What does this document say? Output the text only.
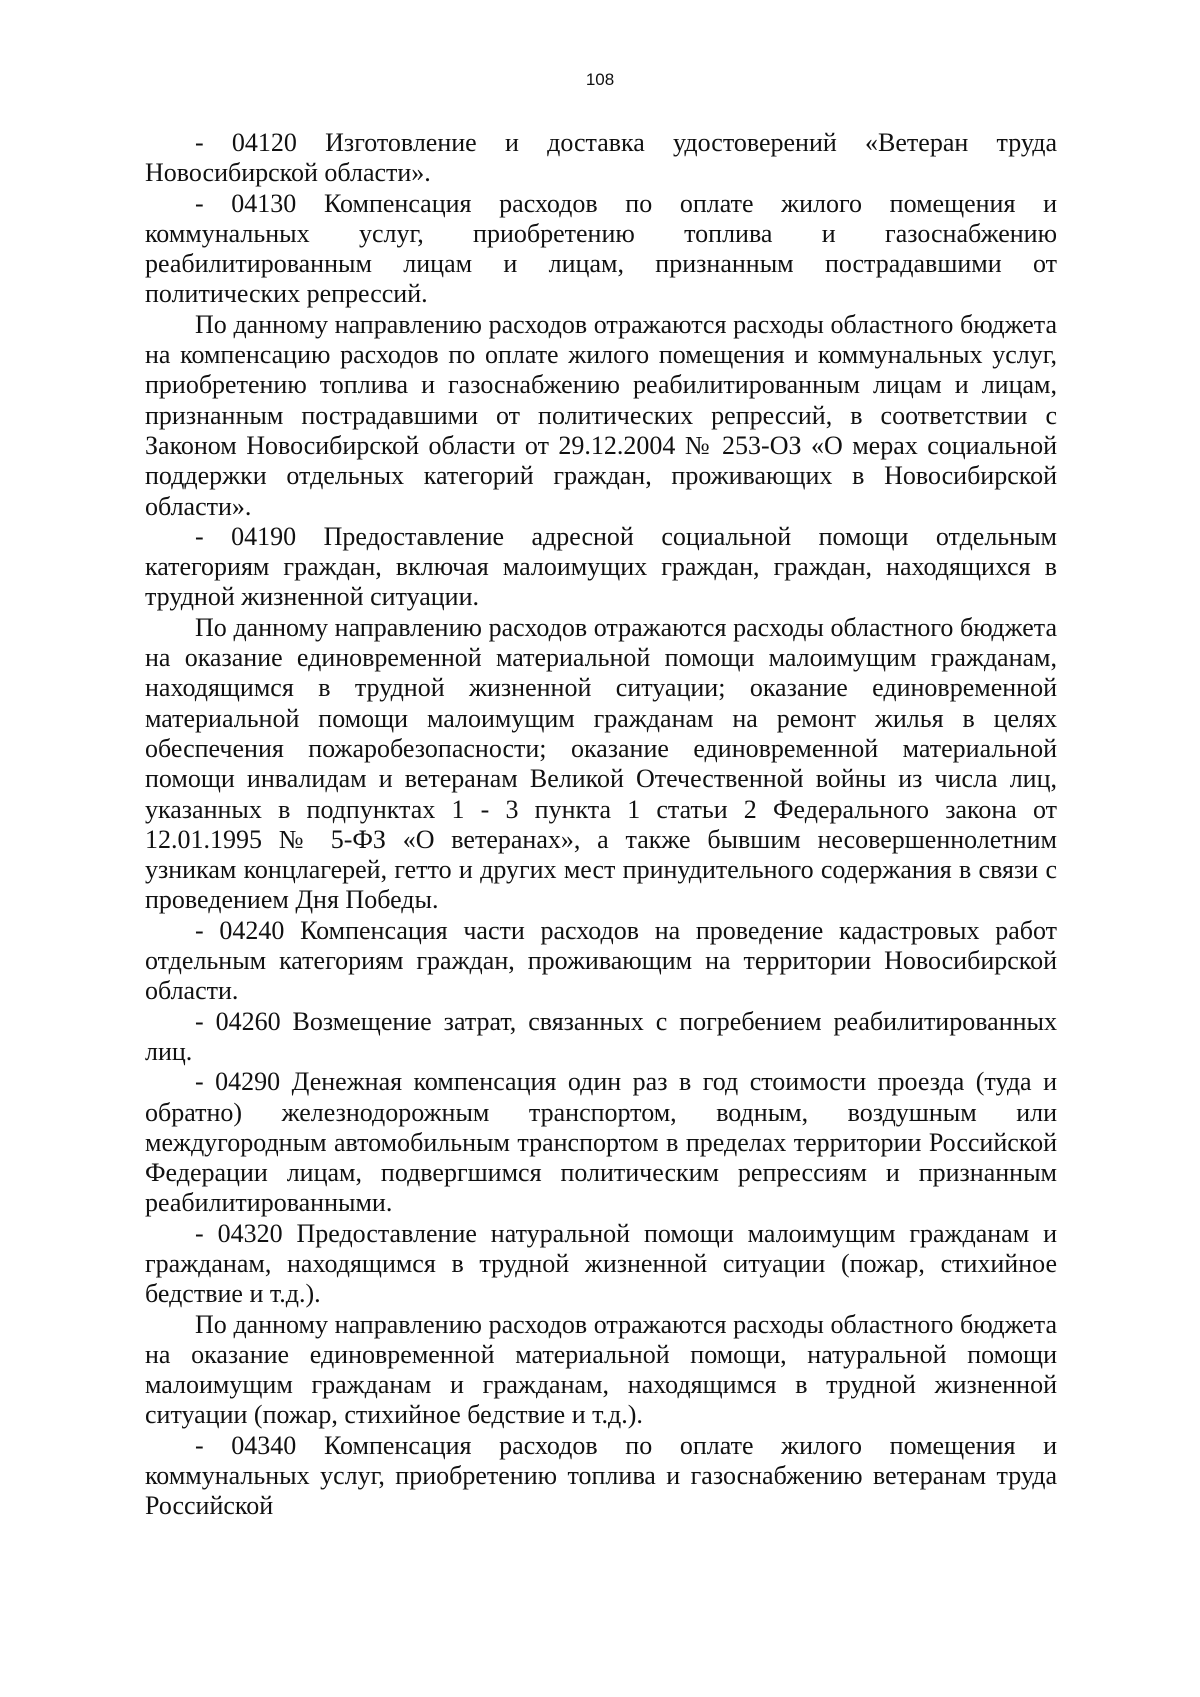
108

- 04120 Изготовление и доставка удостоверений «Ветеран труда Новосибирской области».

- 04130 Компенсация расходов по оплате жилого помещения и коммунальных услуг, приобретению топлива и газоснабжению реабилитированным лицам и лицам, признанным пострадавшими от политических репрессий.

По данному направлению расходов отражаются расходы областного бюджета на компенсацию расходов по оплате жилого помещения и коммунальных услуг, приобретению топлива и газоснабжению реабилитированным лицам и лицам, признанным пострадавшими от политических репрессий, в соответствии с Законом Новосибирской области от 29.12.2004 № 253-ОЗ «О мерах социальной поддержки отдельных категорий граждан, проживающих в Новосибирской области».

- 04190 Предоставление адресной социальной помощи отдельным категориям граждан, включая малоимущих граждан, граждан, находящихся в трудной жизненной ситуации.

По данному направлению расходов отражаются расходы областного бюджета на оказание единовременной материальной помощи малоимущим гражданам, находящимся в трудной жизненной ситуации; оказание единовременной материальной помощи малоимущим гражданам на ремонт жилья в целях обеспечения пожаробезопасности; оказание единовременной материальной помощи инвалидам и ветеранам Великой Отечественной войны из числа лиц, указанных в подпунктах 1 - 3 пункта 1 статьи 2 Федерального закона от 12.01.1995 № 5-ФЗ «О ветеранах», а также бывшим несовершеннолетним узникам концлагерей, гетто и других мест принудительного содержания в связи с проведением Дня Победы.

- 04240 Компенсация части расходов на проведение кадастровых работ отдельным категориям граждан, проживающим на территории Новосибирской области.

- 04260 Возмещение затрат, связанных с погребением реабилитированных лиц.

- 04290 Денежная компенсация один раз в год стоимости проезда (туда и обратно) железнодорожным транспортом, водным, воздушным или междугородным автомобильным транспортом в пределах территории Российской Федерации лицам, подвергшимся политическим репрессиям и признанным реабилитированными.

- 04320 Предоставление натуральной помощи малоимущим гражданам и гражданам, находящимся в трудной жизненной ситуации (пожар, стихийное бедствие и т.д.).

По данному направлению расходов отражаются расходы областного бюджета на оказание единовременной материальной помощи, натуральной помощи малоимущим гражданам и гражданам, находящимся в трудной жизненной ситуации (пожар, стихийное бедствие и т.д.).

- 04340 Компенсация расходов по оплате жилого помещения и коммунальных услуг, приобретению топлива и газоснабжению ветеранам труда Российской
